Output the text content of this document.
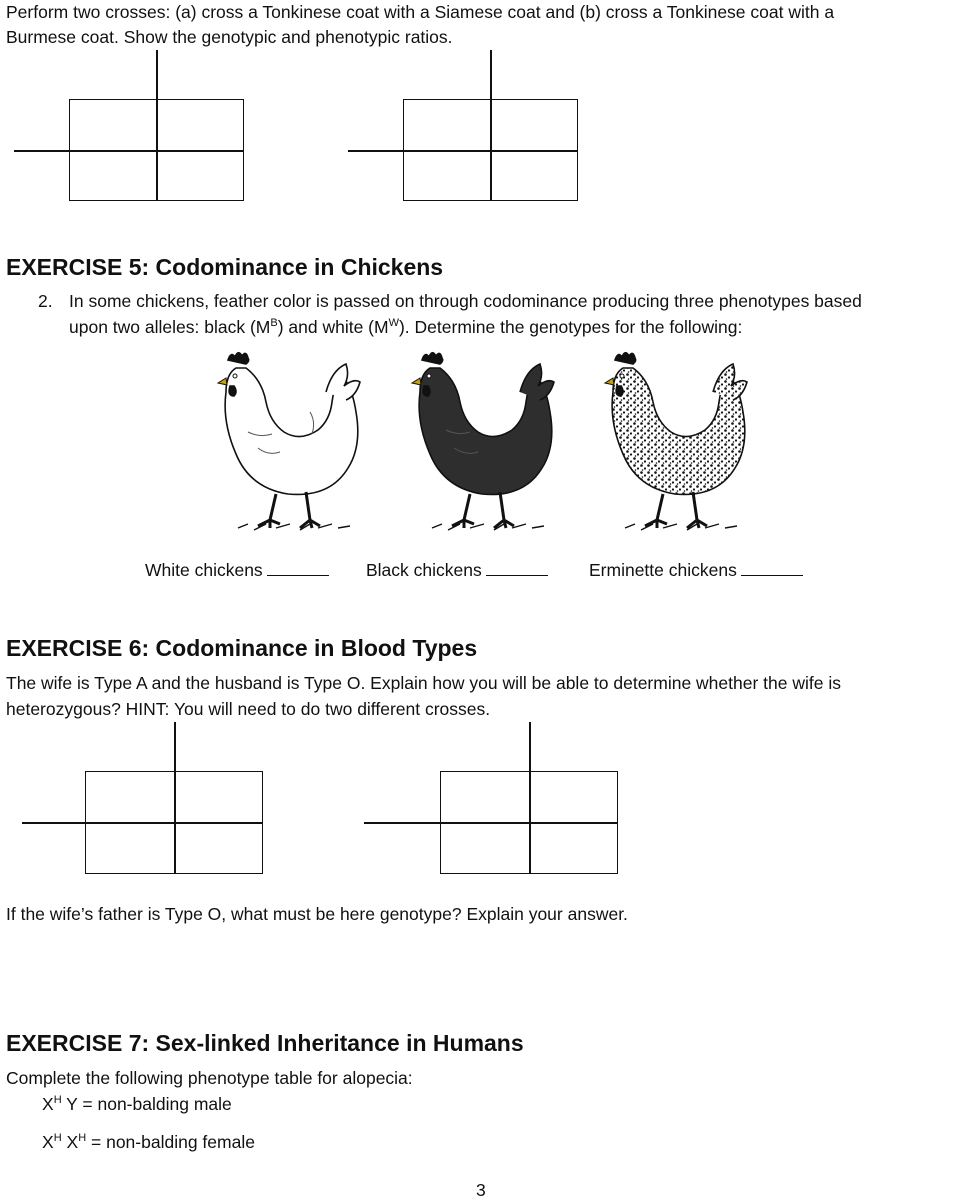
Perform two crosses: (a) cross a Tonkinese coat with a Siamese coat and (b) cross a Tonkinese coat with a
Burmese coat. Show the genotypic and phenotypic ratios.
EXERCISE 5: Codominance in Chickens
2. In some chickens, feather color is passed on through codominance producing three phenotypes based
upon two alleles: black $(M^B)$ and white $(M^W)$. Determine the genotypes for the following:
White chickens	Black chickens	Erminette chickens
EXERCISE 6: Codominance in Blood Types
The wife is Type A and the husband is Type O. Explain how you will be able to determine whether the wife is
heterozygous? HINT: You will need to do two different crosses.
If the wife’s father is Type O, what must be here genotype? Explain your answer.
EXERCISE 7: Sex-linked Inheritance in Humans
Complete the following phenotype table for alopecia:
$X^H$ Y = non-balding male
$X^H$ $X^H$ = non-balding female
3
